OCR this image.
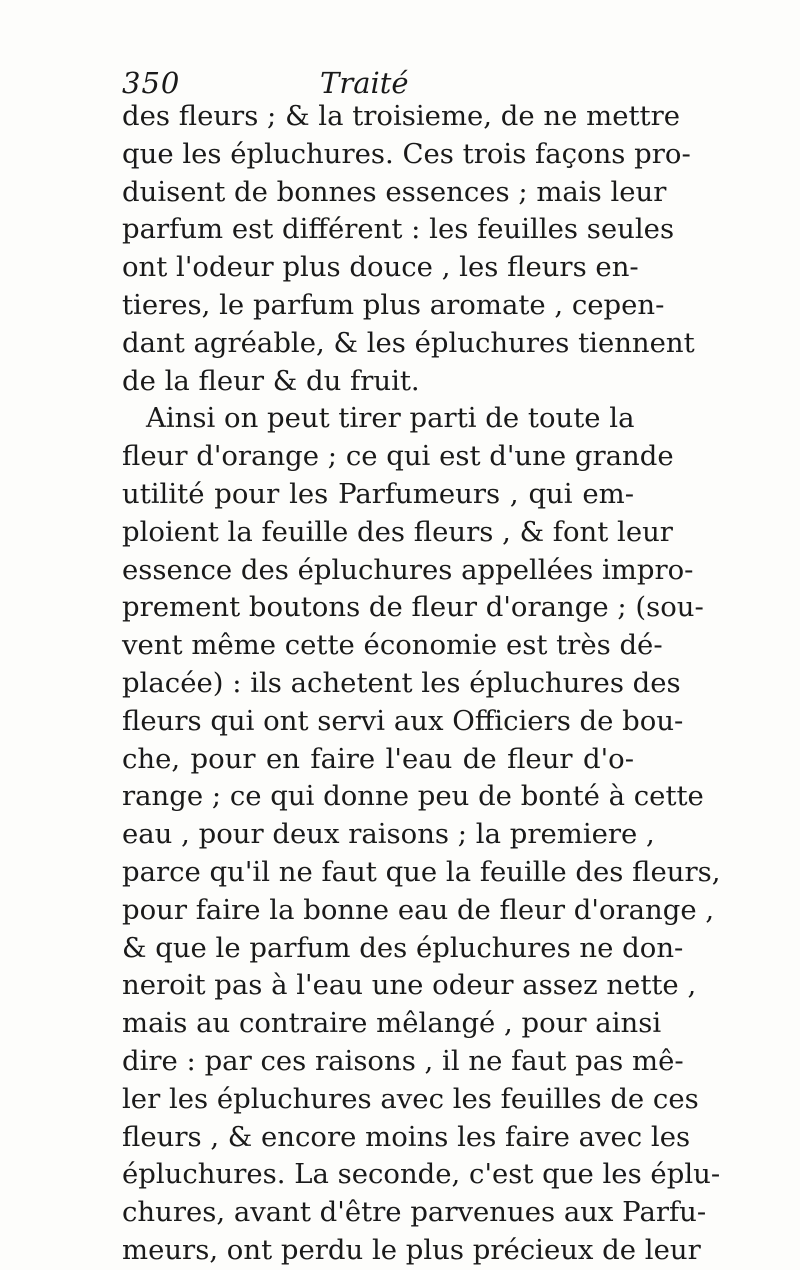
350	Traité
des fleurs ; & la troisieme, de ne mettre
que les épluchures. Ces trois façons pro-
duisent de bonnes essences ; mais leur
parfum est différent : les feuilles seules
ont l'odeur plus douce , les fleurs en-
tieres, le parfum plus aromate , cepen-
dant agréable, & les épluchures tiennent
de la fleur & du fruit.
Ainsi on peut tirer parti de toute la
fleur d'orange ; ce qui est d'une grande
utilité pour les Parfumeurs , qui em-
ploient la feuille des fleurs , & font leur
essence des épluchures appellées impro-
prement boutons de fleur d'orange ; (sou-
vent même cette économie est très dé-
placée) : ils achetent les épluchures des
fleurs qui ont servi aux Officiers de bou-
che, pour en faire l'eau de fleur d'o-
range ; ce qui donne peu de bonté à cette
eau , pour deux raisons ; la premiere ,
parce qu'il ne faut que la feuille des fleurs,
pour faire la bonne eau de fleur d'orange ,
& que le parfum des épluchures ne don-
neroit pas à l'eau une odeur assez nette ,
mais au contraire mêlangé , pour ainsi
dire : par ces raisons , il ne faut pas mê-
ler les épluchures avec les feuilles de ces
fleurs , & encore moins les faire avec les
épluchures. La seconde, c'est que les éplu-
chures, avant d'être parvenues aux Parfu-
meurs, ont perdu le plus précieux de leur
